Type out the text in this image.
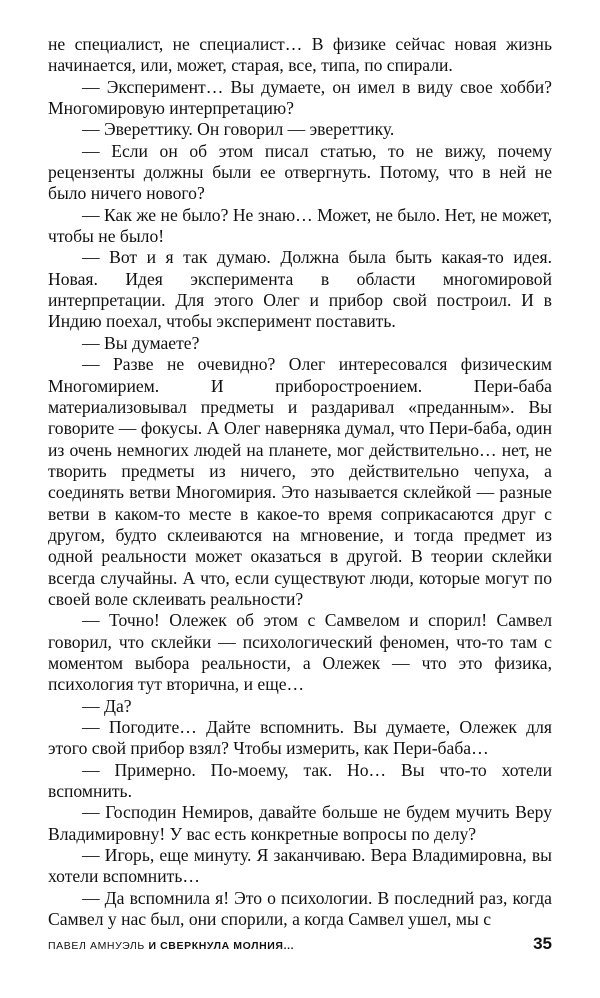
не специалист, не специалист… В физике сейчас новая жизнь начинается, или, может, старая, все, типа, по спирали.

— Эксперимент… Вы думаете, он имел в виду свое хобби? Многомировую интерпретацию?

— Эвереттику. Он говорил — эвереттику.

— Если он об этом писал статью, то не вижу, почему рецензенты должны были ее отвергнуть. Потому, что в ней не было ничего нового?

— Как же не было? Не знаю… Может, не было. Нет, не может, чтобы не было!

— Вот и я так думаю. Должна была быть какая-то идея. Новая. Идея эксперимента в области многомировой интерпретации. Для этого Олег и прибор свой построил. И в Индию поехал, чтобы эксперимент поставить.

— Вы думаете?

— Разве не очевидно? Олег интересовался физическим Многомирием. И приборостроением. Пери-баба материализовывал предметы и раздаривал «преданным». Вы говорите — фокусы. А Олег наверняка думал, что Пери-баба, один из очень немногих людей на планете, мог действительно… нет, не творить предметы из ничего, это действительно чепуха, а соединять ветви Многомирия. Это называется склейкой — разные ветви в каком-то месте в какое-то время соприкасаются друг с другом, будто склеиваются на мгновение, и тогда предмет из одной реальности может оказаться в другой. В теории склейки всегда случайны. А что, если существуют люди, которые могут по своей воле склеивать реальности?

— Точно! Олежек об этом с Самвелом и спорил! Самвел говорил, что склейки — психологический феномен, что-то там с моментом выбора реальности, а Олежек — что это физика, психология тут вторична, и еще…

— Да?

— Погодите… Дайте вспомнить. Вы думаете, Олежек для этого свой прибор взял? Чтобы измерить, как Пери-баба…

— Примерно. По-моему, так. Но… Вы что-то хотели вспомнить.

— Господин Немиров, давайте больше не будем мучить Веру Владимировну! У вас есть конкретные вопросы по делу?

— Игорь, еще минуту. Я заканчиваю. Вера Владимировна, вы хотели вспомнить…

— Да вспомнила я! Это о психологии. В последний раз, когда Самвел у нас был, они спорили, а когда Самвел ушел, мы с

ПАВЕЛ АМНУЭЛЬ И СВЕРКНУЛА МОЛНИЯ...	35
